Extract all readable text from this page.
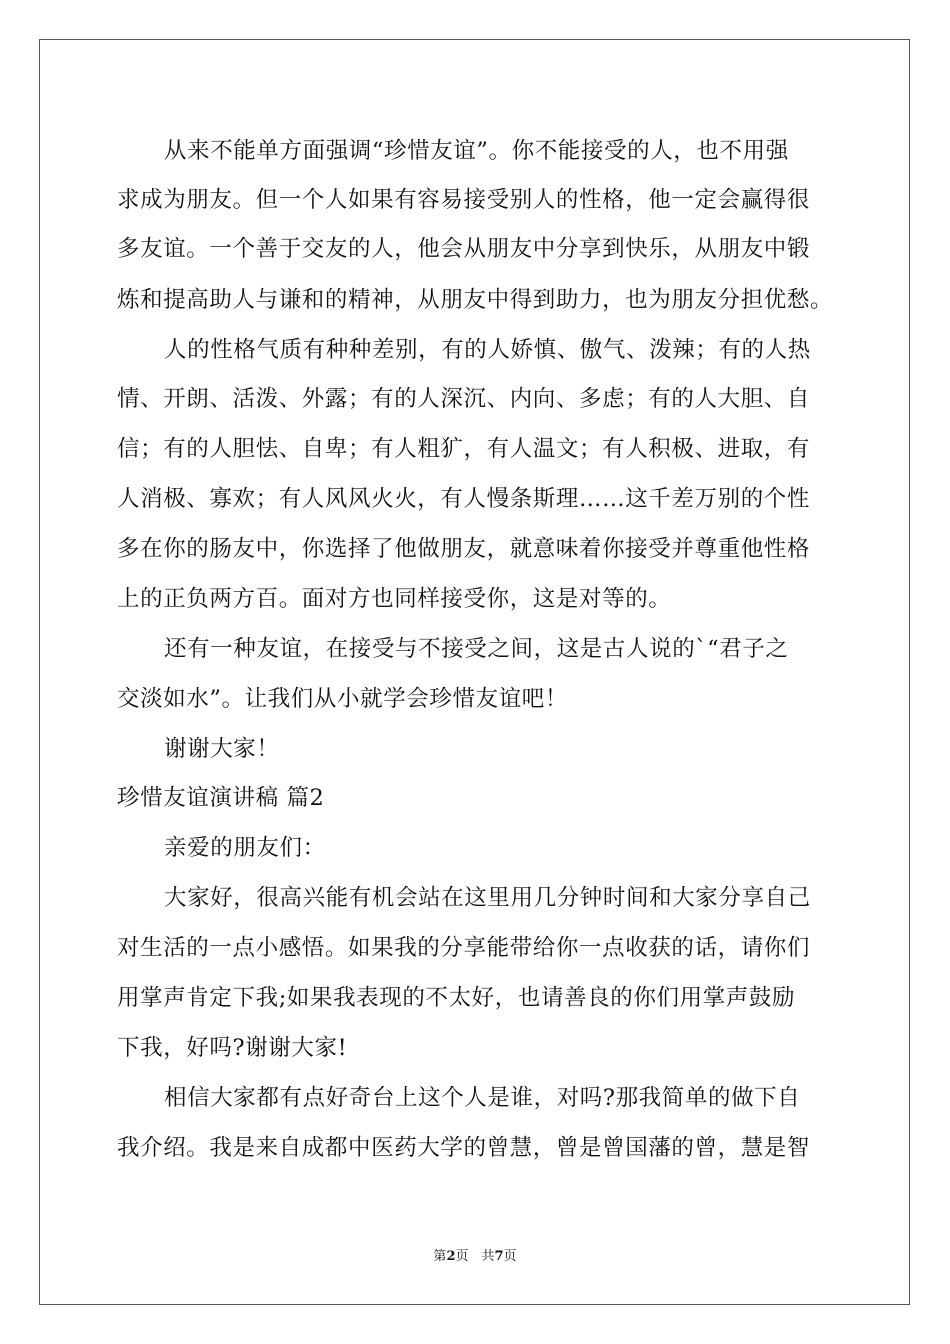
从来不能单方面强调“珍惜友谊”。你不能接受的人，也不用强
求成为朋友。但一个人如果有容易接受别人的性格，他一定会赢得很
多友谊。一个善于交友的人，他会从朋友中分享到快乐，从朋友中锻
炼和提高助人与谦和的精神，从朋友中得到助力，也为朋友分担优愁。
人的性格气质有种种差别，有的人娇慎、傲气、泼辣；有的人热
情、开朗、活泼、外露；有的人深沉、内向、多虑；有的人大胆、自
信；有的人胆怯、自卑；有人粗犷，有人温文；有人积极、进取，有
人消极、寡欢；有人风风火火，有人慢条斯理……这千差万别的个性
多在你的肠友中，你选择了他做朋友，就意味着你接受并尊重他性格
上的正负两方百。面对方也同样接受你，这是对等的。
还有一种友谊，在接受与不接受之间，这是古人说的`“君子之
交淡如水”。让我们从小就学会珍惜友谊吧！
谢谢大家！
珍惜友谊演讲稿 篇2
亲爱的朋友们：
大家好，很高兴能有机会站在这里用几分钟时间和大家分享自己
对生活的一点小感悟。如果我的分享能带给你一点收获的话，请你们
用掌声肯定下我;如果我表现的不太好，也请善良的你们用掌声鼓励
下我，好吗?谢谢大家!
相信大家都有点好奇台上这个人是谁，对吗?那我简单的做下自
我介绍。我是来自成都中医药大学的曾慧，曾是曾国藩的曾，慧是智
第2页　共7页
